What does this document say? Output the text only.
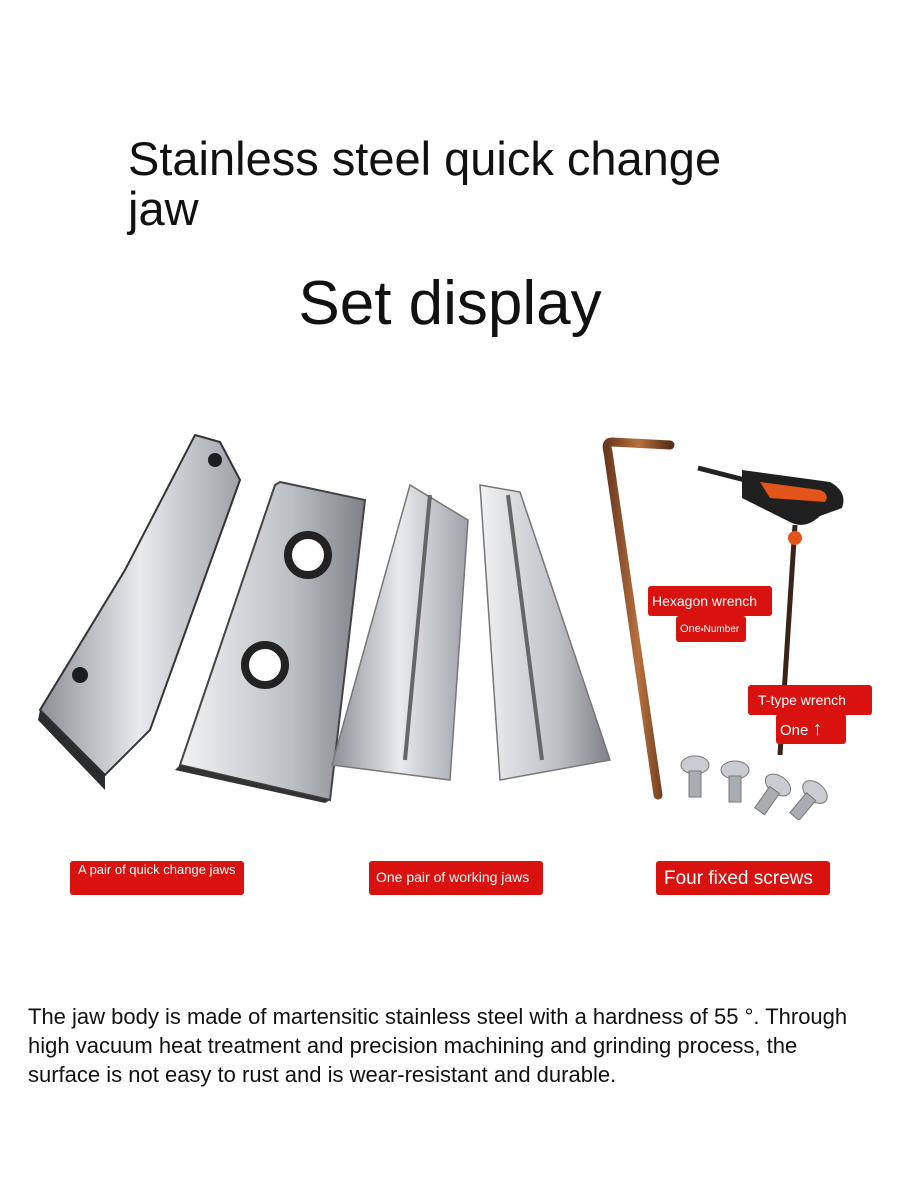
Stainless steel quick change jaw
Set display
Hexagon wrench
One▪Number
T-type wrench
One ↑
A pair of quick change jaws	One pair of working jaws	Four fixed screws
The jaw body is made of martensitic stainless steel with a hardness of 55 °. Through high vacuum heat treatment and precision machining and grinding process, the surface is not easy to rust and is wear-resistant and durable.
